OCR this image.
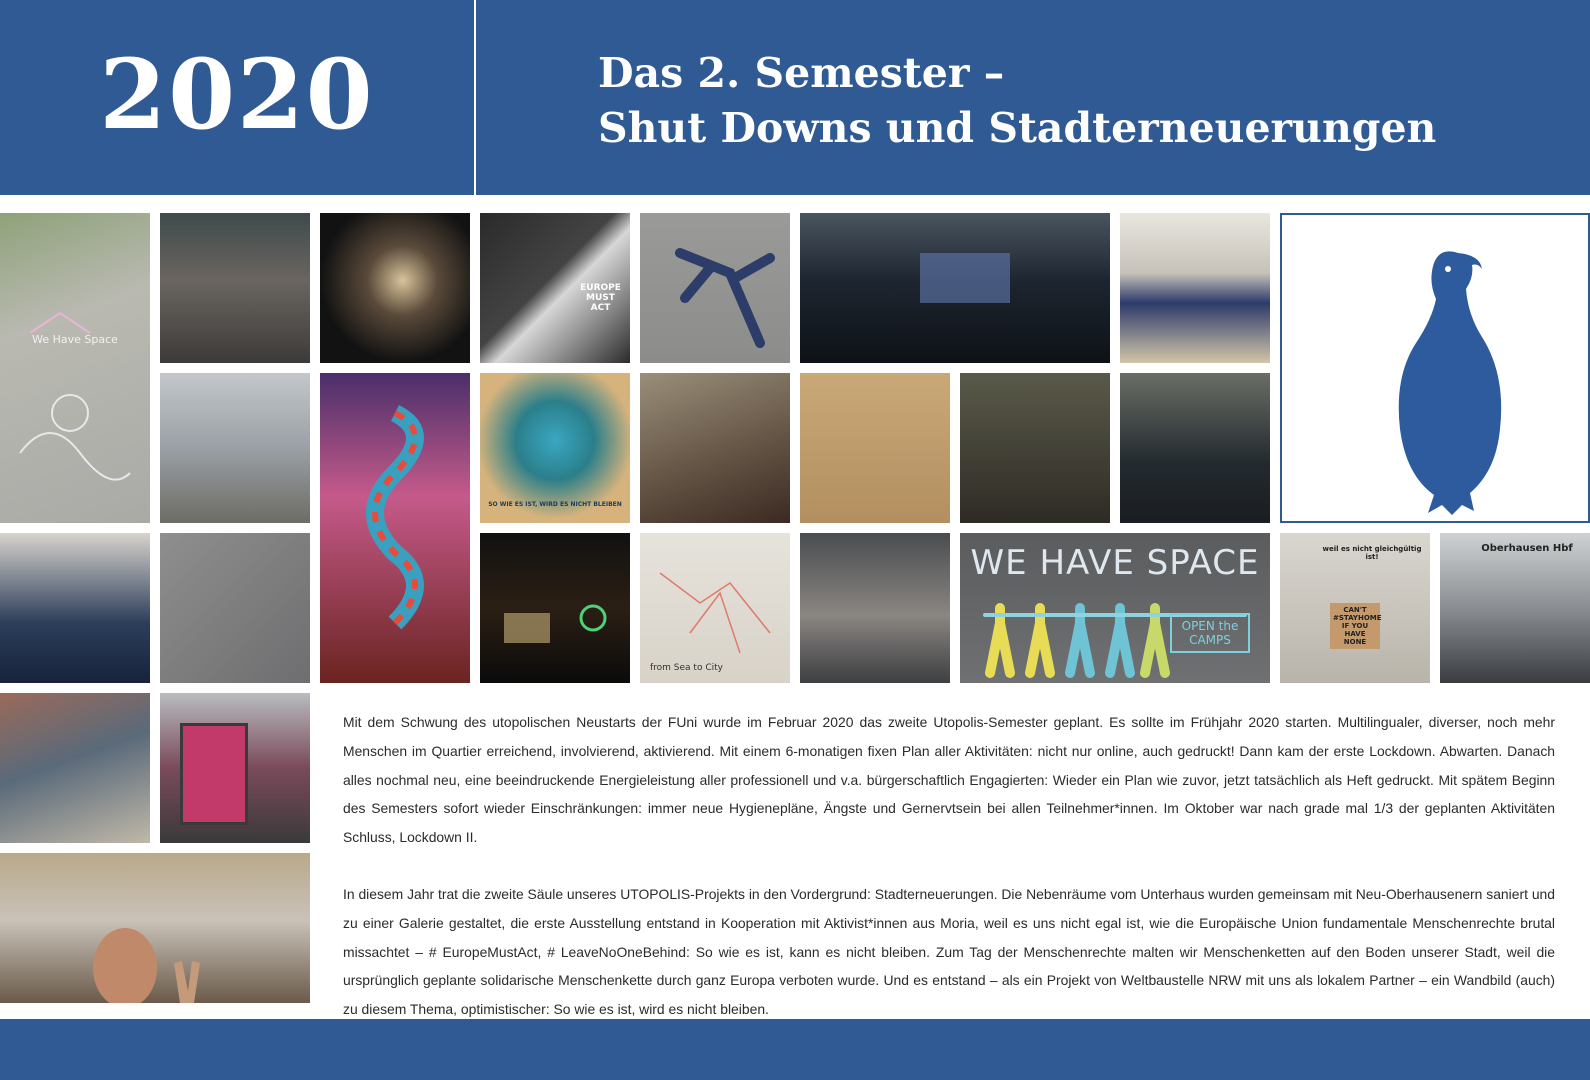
2020	Das 2. Semester –
Shut Downs und Stadterneuerungen
We Have Space
EUROPE MUST ACT
SO WIE ES IST, WIRD ES NICHT BLEIBEN
from Sea to City
WE HAVE SPACE
OPEN the CAMPS
weil es nicht gleichgültig ist!
CAN'T #STAYHOME IF YOU HAVE NONE
Oberhausen Hbf

Mit dem Schwung des utopolischen Neustarts der FUni wurde im Februar 2020 das zweite Utopolis-Semester geplant. Es sollte im Frühjahr 2020 starten. Multilingualer, diverser, noch mehr Menschen im Quartier erreichend, involvierend, aktivierend. Mit einem 6-monatigen fixen Plan aller Aktivitäten: nicht nur online, auch gedruckt! Dann kam der erste Lockdown. Abwarten. Danach alles nochmal neu, eine beeindruckende Energieleistung aller professionell und v.a. bürgerschaftlich Engagierten: Wieder ein Plan wie zuvor, jetzt tatsächlich als Heft gedruckt. Mit spätem Beginn des Semesters sofort wieder Einschränkungen: immer neue Hygienepläne, Ängste und Gernervtsein bei allen Teilnehmer*innen. Im Oktober war nach grade mal 1/3 der geplanten Aktivitäten Schluss, Lockdown II.

In diesem Jahr trat die zweite Säule unseres UTOPOLIS-Projekts in den Vordergrund: Stadterneuerungen. Die Nebenräume vom Unterhaus wurden gemeinsam mit Neu-Oberhausenern saniert und zu einer Galerie gestaltet, die erste Ausstellung entstand in Kooperation mit Aktivist*innen aus Moria, weil es uns nicht egal ist, wie die Europäische Union fundamentale Menschenrechte brutal missachtet – # EuropeMustAct, # LeaveNoOneBehind: So wie es ist, kann es nicht bleiben. Zum Tag der Menschenrechte malten wir Menschenketten auf den Boden unserer Stadt, weil die ursprünglich geplante solidarische Menschenkette durch ganz Europa verboten wurde. Und es entstand – als ein Projekt von Weltbaustelle NRW mit uns als lokalem Partner – ein Wandbild (auch) zu diesem Thema, optimistischer: So wie es ist, wird es nicht bleiben.
